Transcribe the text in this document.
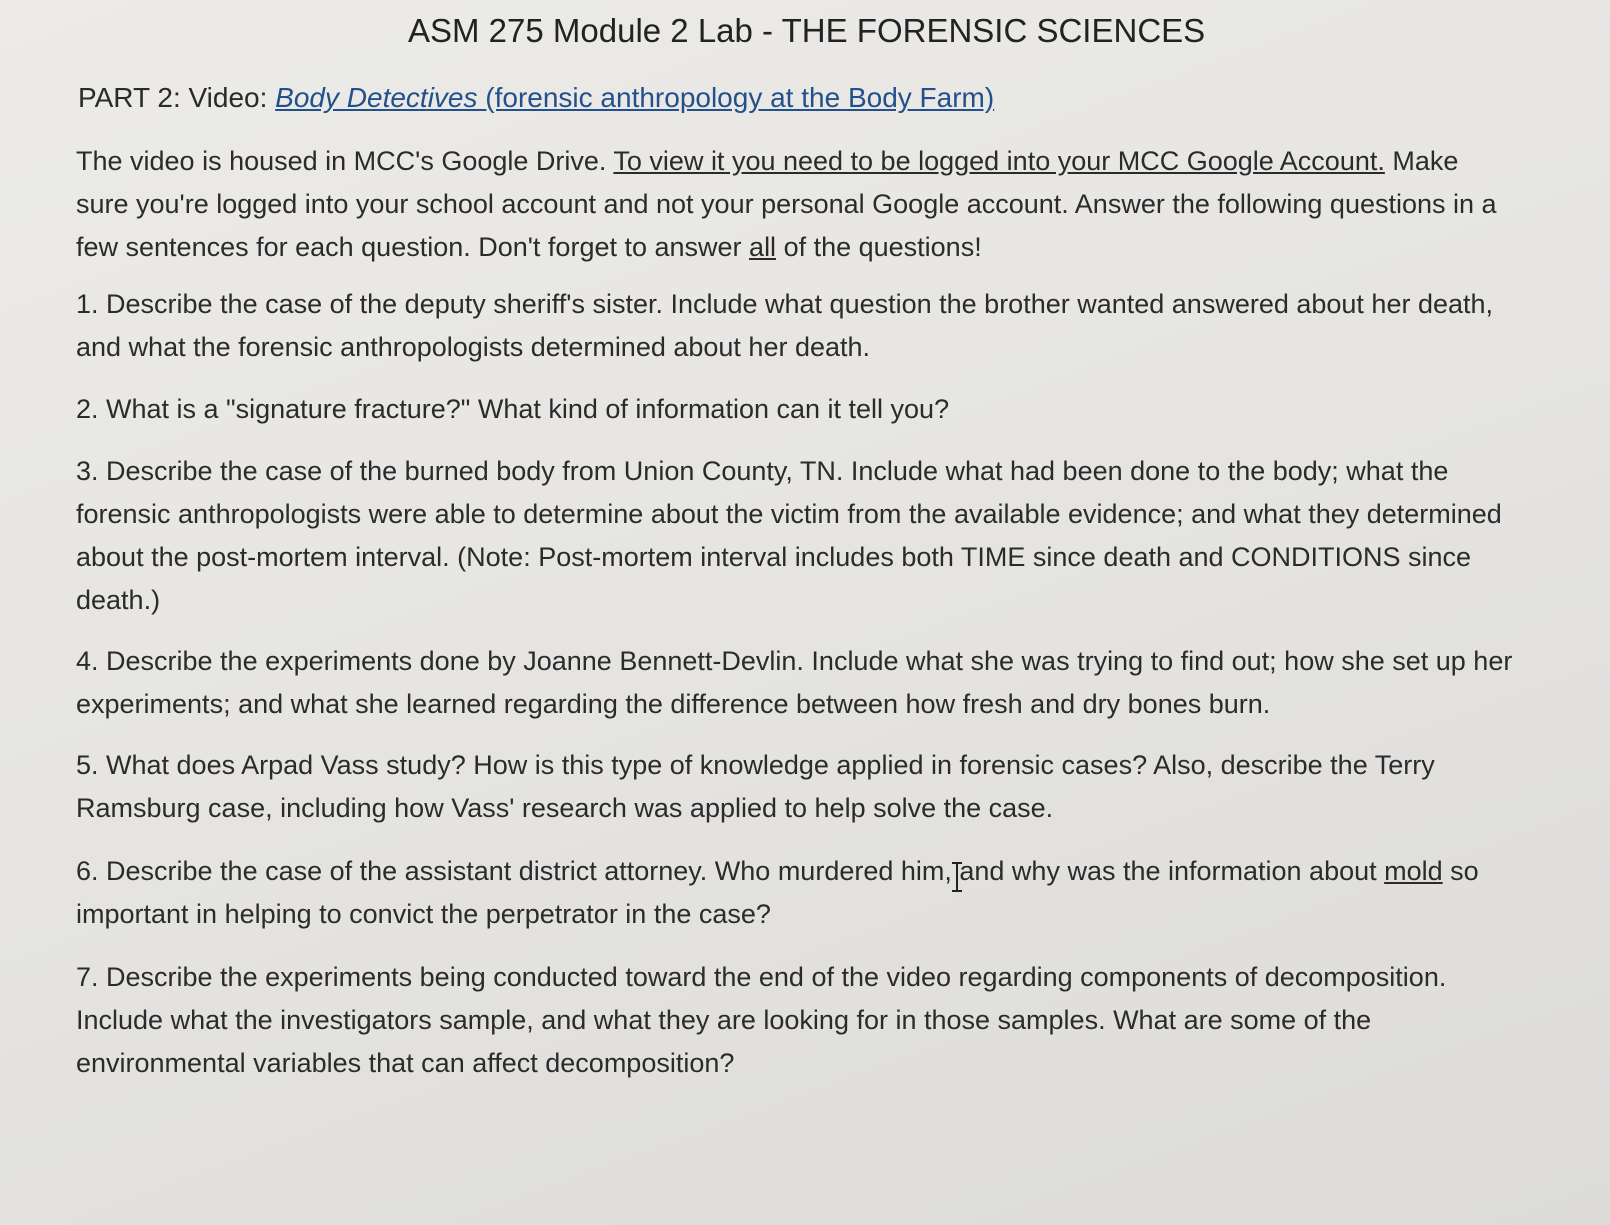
ASM 275 Module 2 Lab - THE FORENSIC SCIENCES
PART 2: Video: Body Detectives (forensic anthropology at the Body Farm)

The video is housed in MCC's Google Drive. To view it you need to be logged into your MCC Google Account. Make sure you're logged into your school account and not your personal Google account. Answer the following questions in a few sentences for each question. Don't forget to answer all of the questions!

1. Describe the case of the deputy sheriff's sister. Include what question the brother wanted answered about her death, and what the forensic anthropologists determined about her death.

2. What is a "signature fracture?" What kind of information can it tell you?

3. Describe the case of the burned body from Union County, TN. Include what had been done to the body; what the forensic anthropologists were able to determine about the victim from the available evidence; and what they determined about the post-mortem interval. (Note: Post-mortem interval includes both TIME since death and CONDITIONS since death.)

4. Describe the experiments done by Joanne Bennett-Devlin. Include what she was trying to find out; how she set up her experiments; and what she learned regarding the difference between how fresh and dry bones burn.

5. What does Arpad Vass study? How is this type of knowledge applied in forensic cases? Also, describe the Terry Ramsburg case, including how Vass' research was applied to help solve the case.

6. Describe the case of the assistant district attorney. Who murdered him, and why was the information about mold so important in helping to convict the perpetrator in the case?

7. Describe the experiments being conducted toward the end of the video regarding components of decomposition. Include what the investigators sample, and what they are looking for in those samples. What are some of the environmental variables that can affect decomposition?
